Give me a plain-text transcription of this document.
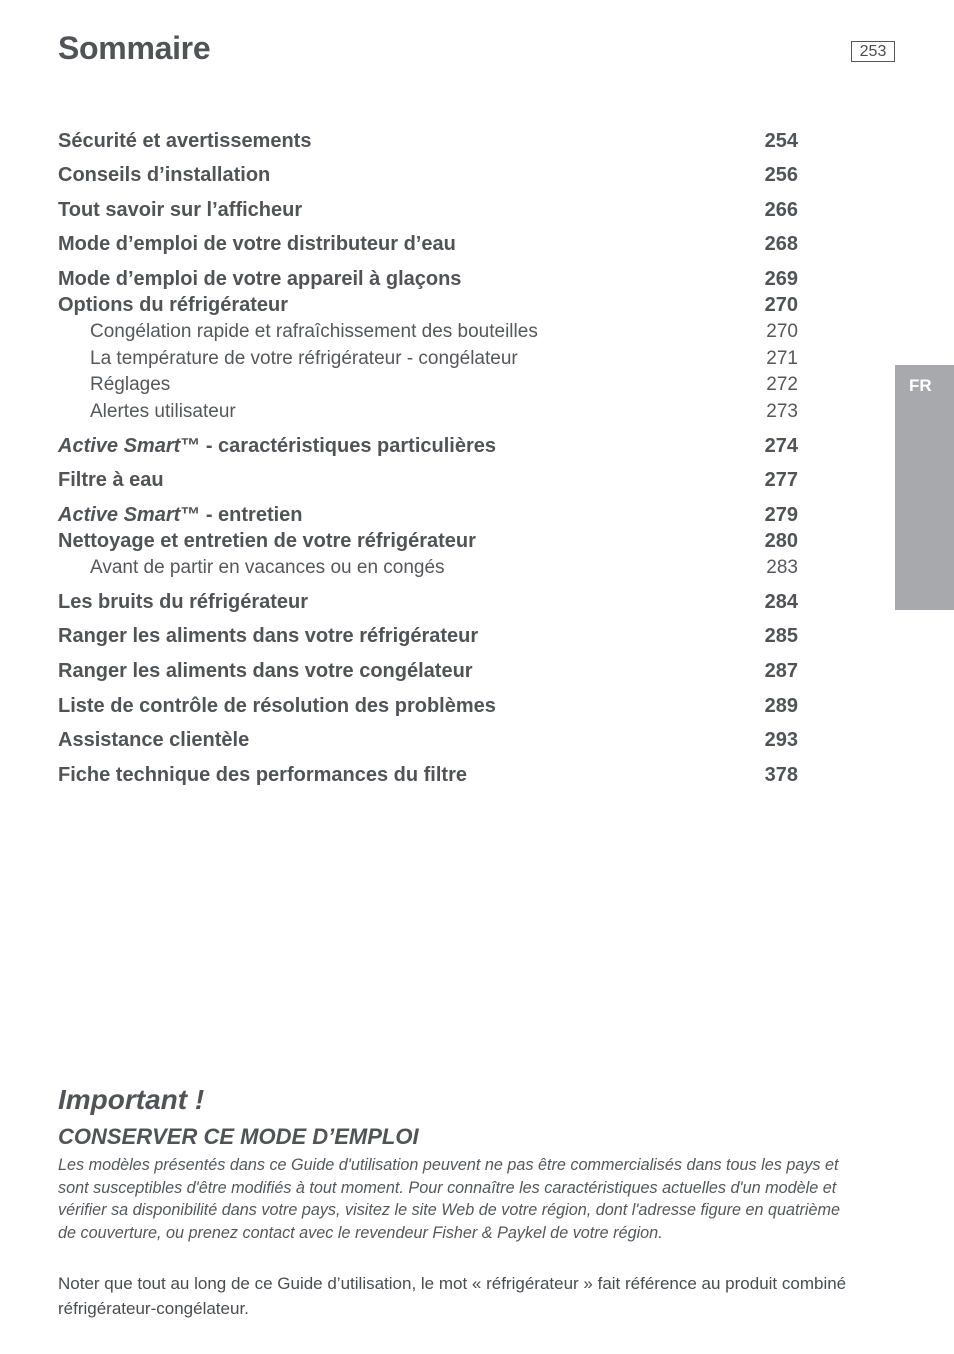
Sommaire	253
FR
Sécurité et avertissements	254
Conseils d’installation	256
Tout savoir sur l’afficheur	266
Mode d’emploi de votre distributeur d’eau	268
Mode d’emploi de votre appareil à glaçons	269
Options du réfrigérateur	270
Congélation rapide et rafraîchissement des bouteilles	270
La température de votre réfrigérateur - congélateur	271
Réglages	272
Alertes utilisateur	273
Active Smart™ - caractéristiques particulières	274
Filtre à eau	277
Active Smart™ - entretien	279
Nettoyage et entretien de votre réfrigérateur	280
Avant de partir en vacances ou en congés	283
Les bruits du réfrigérateur	284
Ranger les aliments dans votre réfrigérateur	285
Ranger les aliments dans votre congélateur	287
Liste de contrôle de résolution des problèmes	289
Assistance clientèle	293
Fiche technique des performances du filtre	378
Important !
CONSERVER CE MODE D’EMPLOI

Les modèles présentés dans ce Guide d'utilisation peuvent ne pas être commercialisés dans tous les pays et sont susceptibles d'être modifiés à tout moment. Pour connaître les caractéristiques actuelles d'un modèle et vérifier sa disponibilité dans votre pays, visitez le site Web de votre région, dont l'adresse figure en quatrième de couverture, ou prenez contact avec le revendeur Fisher & Paykel de votre région.

Noter que tout au long de ce Guide d’utilisation, le mot « réfrigérateur » fait référence au produit combiné réfrigérateur-congélateur.
